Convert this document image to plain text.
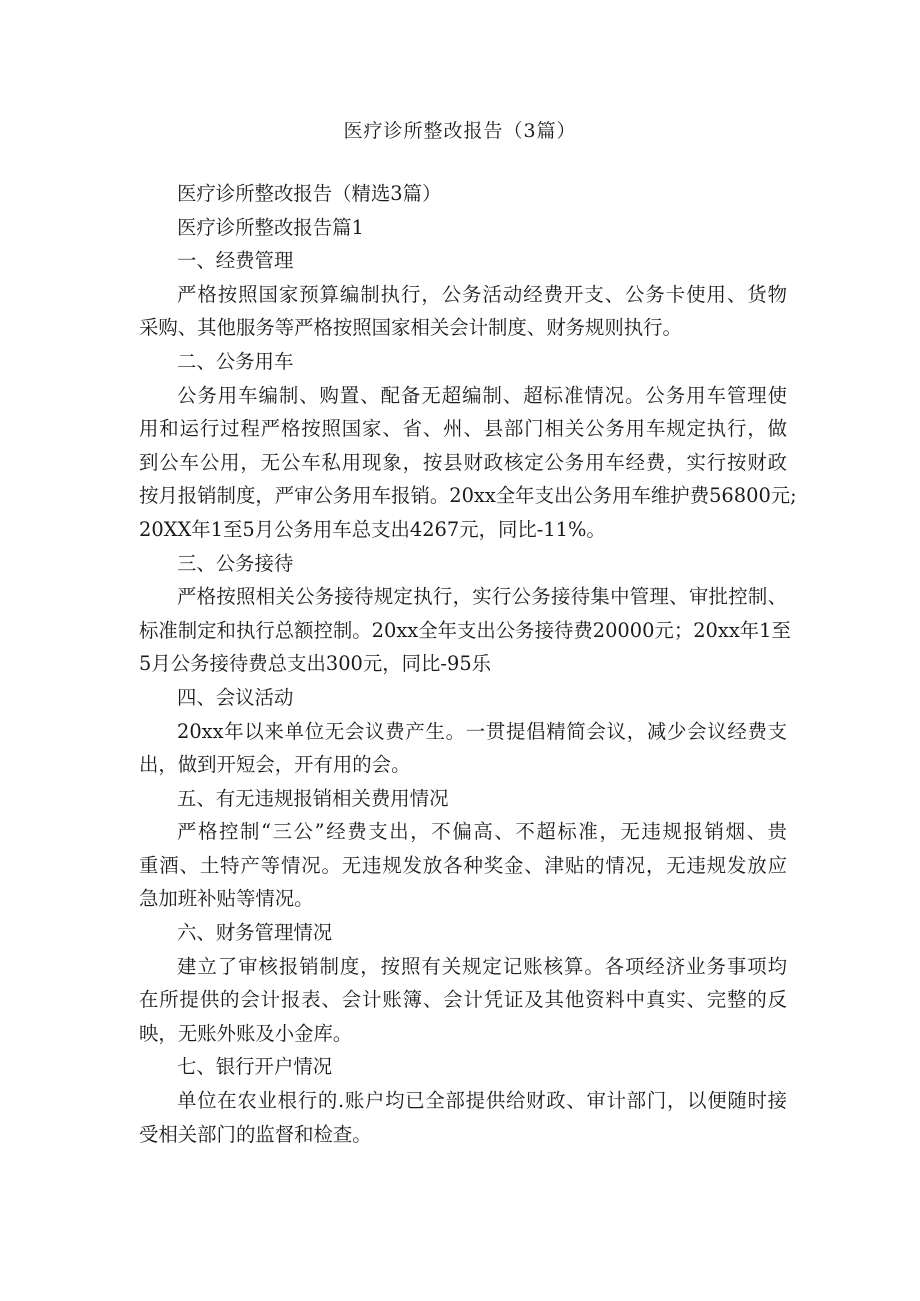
医疗诊所整改报告（3篇）

医疗诊所整改报告（精选3篇）

医疗诊所整改报告篇1

一、经费管理

严格按照国家预算编制执行，公务活动经费开支、公务卡使用、货物

采购、其他服务等严格按照国家相关会计制度、财务规则执行。

二、公务用车

公务用车编制、购置、配备无超编制、超标准情况。公务用车管理使

用和运行过程严格按照国家、省、州、县部门相关公务用车规定执行，做

到公车公用，无公车私用现象，按县财政核定公务用车经费，实行按财政

按月报销制度，严审公务用车报销。20xx全年支出公务用车维护费56800元;

20XX年1至5月公务用车总支出4267元，同比-11%。

三、公务接待

严格按照相关公务接待规定执行，实行公务接待集中管理、审批控制、

标准制定和执行总额控制。20xx全年支出公务接待费20000元；20xx年1至

5月公务接待费总支出300元，同比-95乐

四、会议活动

20xx年以来单位无会议费产生。一贯提倡精简会议，减少会议经费支

出，做到开短会，开有用的会。

五、有无违规报销相关费用情况

严格控制“三公”经费支出，不偏高、不超标准，无违规报销烟、贵

重酒、土特产等情况。无违规发放各种奖金、津贴的情况，无违规发放应

急加班补贴等情况。

六、财务管理情况

建立了审核报销制度，按照有关规定记账核算。各项经济业务事项均

在所提供的会计报表、会计账簿、会计凭证及其他资料中真实、完整的反

映，无账外账及小金库。

七、银行开户情况

单位在农业根行的.账户均已全部提供给财政、审计部门，以便随时接

受相关部门的监督和检查。
